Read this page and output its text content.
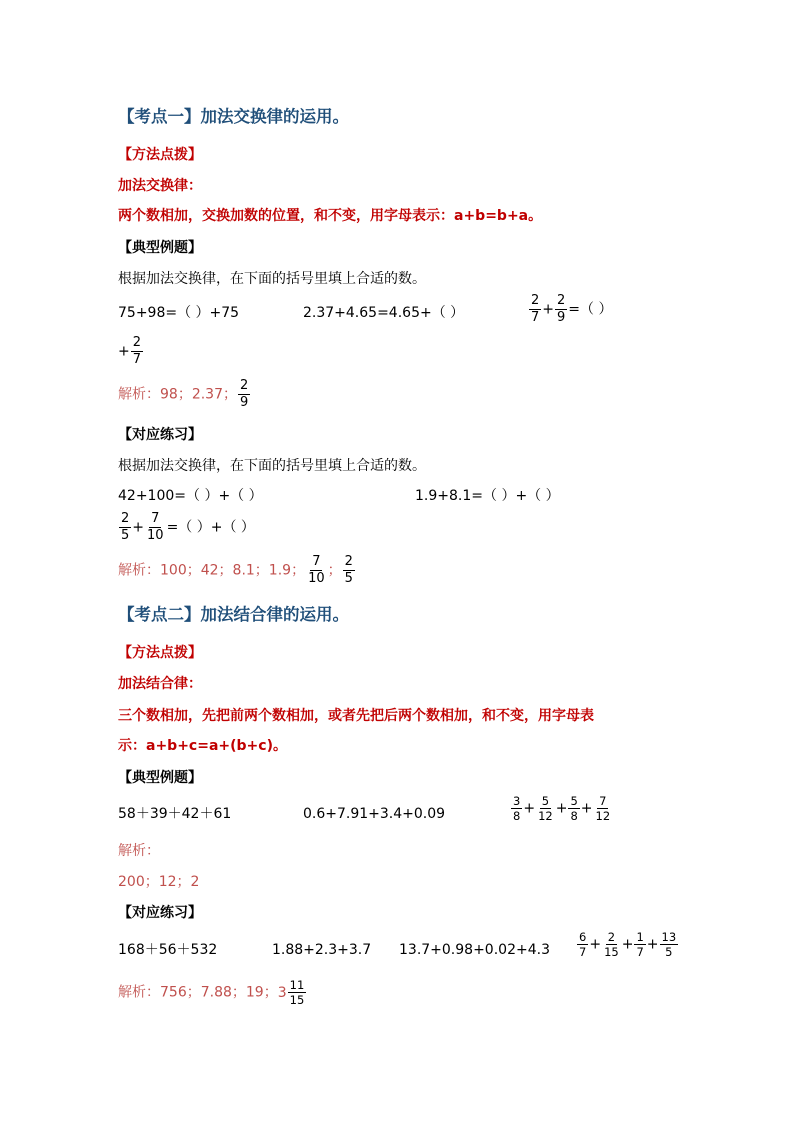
【考点一】加法交换律的运用。
【方法点拨】
加法交换律：
两个数相加，交换加数的位置，和不变，用字母表示：a+b=b+a。
【典型例题】
根据加法交换律，在下面的括号里填上合适的数。
75+98=（ ）+75	2.37+4.65=4.65+（ ）	$\frac{2}{7} + \frac{2}{9}$ =（ ）
+ $\frac{2}{7}$
解析：98；2.37； $\frac{2}{9}$
【对应练习】
根据加法交换律，在下面的括号里填上合适的数。
42+100=（ ）+（ ）	1.9+8.1=（ ）+（ ）
$\frac{2}{5} + \frac{7}{10}$ =（ ）+（ ）
解析：100；42；8.1；1.9； $\frac{7}{10}$ ； $\frac{2}{5}$
【考点二】加法结合律的运用。
【方法点拨】
加法结合律：
三个数相加，先把前两个数相加，或者先把后两个数相加，和不变，用字母表
示：a+b+c=a+(b+c)。
【典型例题】
58＋39＋42＋61	0.6+7.91+3.4+0.09	$\frac{3}{8} + \frac{5}{12} + \frac{5}{8} + \frac{7}{12}$
解析：
200；12；2
【对应练习】
168＋56＋532	1.88+2.3+3.7 $13.7+0.98+0.02+4.3 \frac{6}{7} + \frac{2}{15} + \frac{1}{7} + \frac{13}{5}$
解析：756；7.88；19； $3 \frac{11}{15}$
